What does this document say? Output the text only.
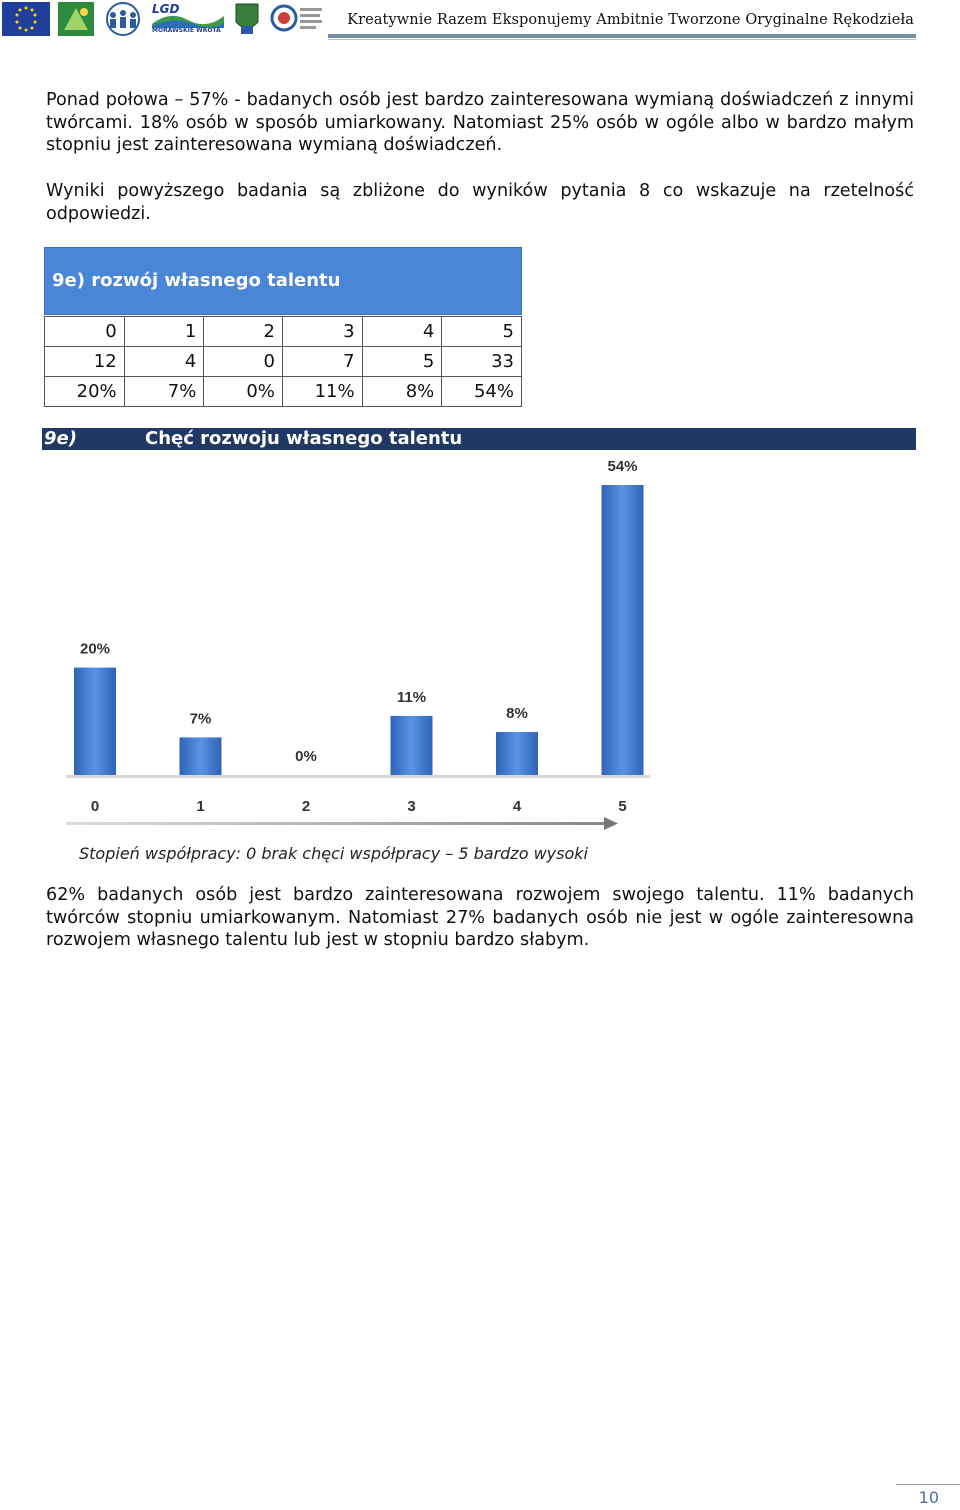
LGD
MORAWSKIE WROTA
Kreatywnie Razem Eksponujemy Ambitnie Tworzone Oryginalne Rękodzieła
Ponad połowa – 57% - badanych osób jest bardzo zainteresowana wymianą doświadczeń z innymi twórcami. 18% osób w sposób umiarkowany. Natomiast 25% osób w ogóle albo w bardzo małym stopniu jest zainteresowana wymianą doświadczeń.
Wyniki powyższego badania są zbliżone do wyników pytania 8 co wskazuje na rzetelność odpowiedzi.
9e) rozwój własnego talentu
0	1	2	3	4	5
12	4	0	7	5	33
20%	7%	0%	11%	8%	54%
9e)	Chęć rozwoju własnego talentu
20%
0
7%
1
0%
2
11%
3
8%
4
54%
5
Stopień współpracy: 0 brak chęci współpracy – 5 bardzo wysoki
62% badanych osób jest bardzo zainteresowana rozwojem swojego talentu. 11% badanych twórców stopniu umiarkowanym. Natomiast 27% badanych osób nie jest w ogóle zainteresowna rozwojem własnego talentu lub jest w stopniu bardzo słabym.
10
